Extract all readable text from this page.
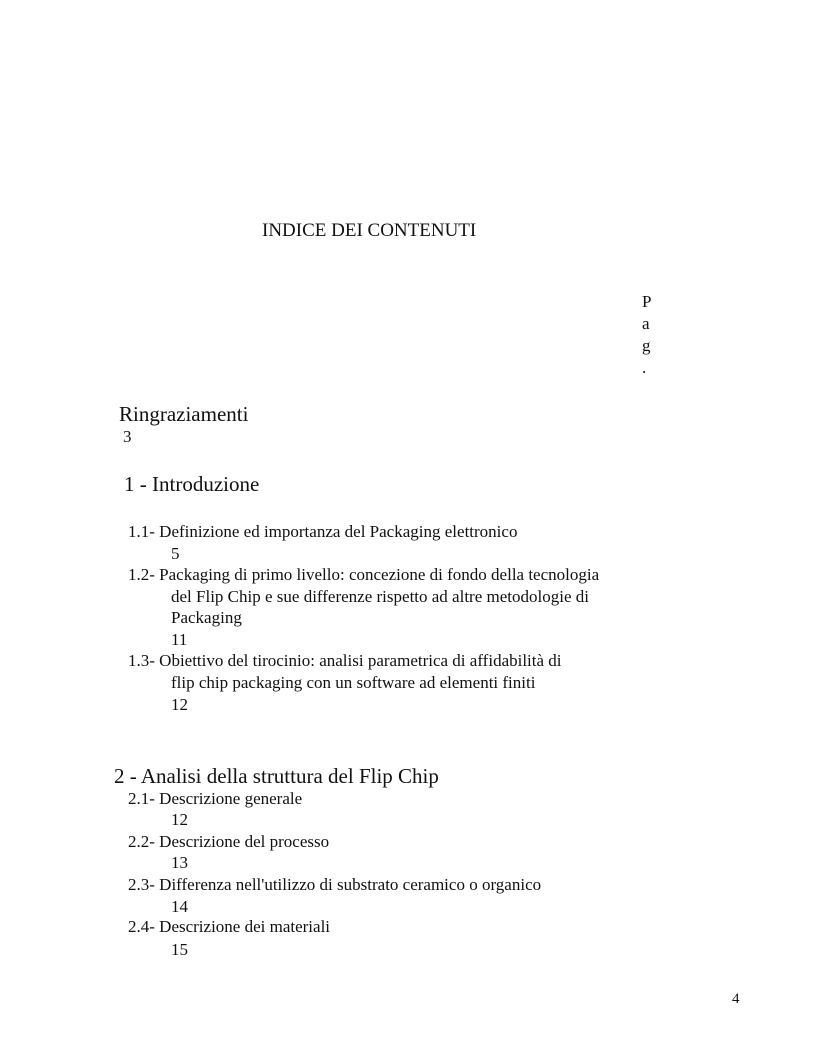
INDICE DEI CONTENUTI
P
a
g
.
Ringraziamenti
3
1 - Introduzione
1.1- Definizione ed importanza del Packaging elettronico
5
1.2- Packaging di primo livello: concezione di fondo della tecnologia
del Flip Chip e sue differenze rispetto ad altre metodologie di
Packaging
11
1.3- Obiettivo del tirocinio: analisi parametrica di affidabilità di
flip chip packaging con un software ad elementi finiti
12
2 - Analisi della struttura del Flip Chip
2.1- Descrizione generale
12
2.2- Descrizione del processo
13
2.3- Differenza nell'utilizzo di substrato ceramico o organico
14
2.4- Descrizione dei materiali
15
4
